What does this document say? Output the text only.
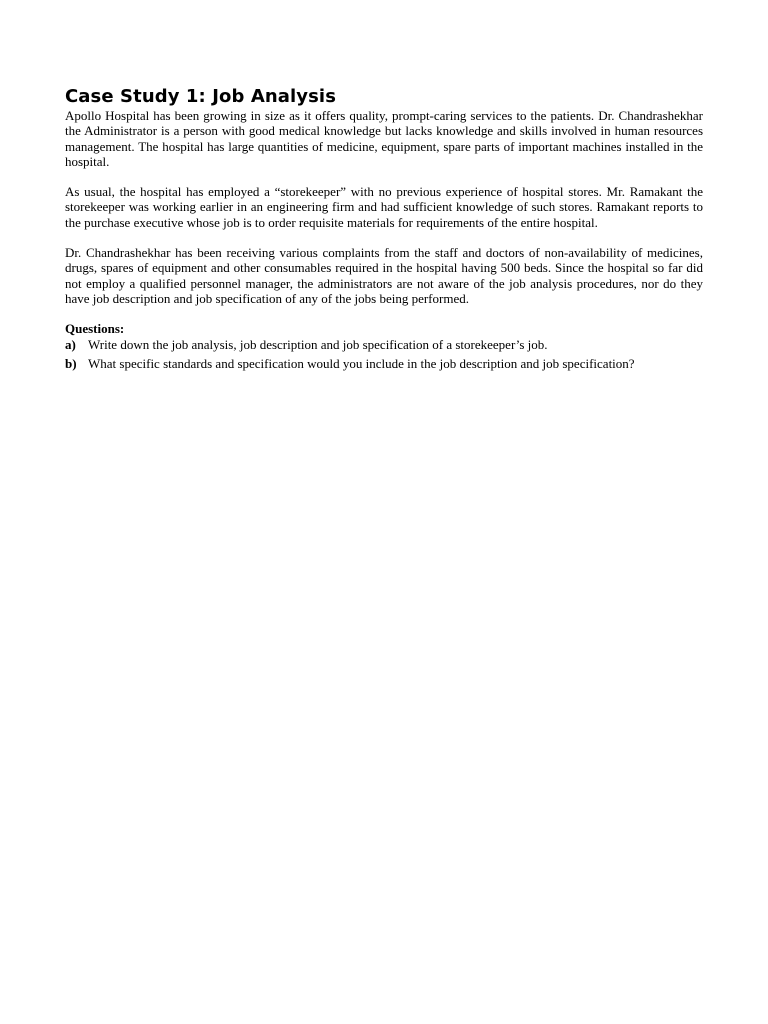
Case Study 1: Job Analysis

Apollo Hospital has been growing in size as it offers quality, prompt-caring services to the patients. Dr. Chandrashekhar the Administrator is a person with good medical knowledge but lacks knowledge and skills involved in human resources management. The hospital has large quantities of medicine, equipment, spare parts of important machines installed in the hospital.

As usual, the hospital has employed a “storekeeper” with no previous experience of hospital stores. Mr. Ramakant the storekeeper was working earlier in an engineering firm and had sufficient knowledge of such stores. Ramakant reports to the purchase executive whose job is to order requisite materials for requirements of the entire hospital.

Dr. Chandrashekhar has been receiving various complaints from the staff and doctors of non-availability of medicines, drugs, spares of equipment and other consumables required in the hospital having 500 beds. Since the hospital so far did not employ a qualified personnel manager, the administrators are not aware of the job analysis procedures, nor do they have job description and job specification of any of the jobs being performed.

Questions:
a) Write down the job analysis, job description and job specification of a storekeeper’s job.
b) What specific standards and specification would you include in the job description and job specification?
